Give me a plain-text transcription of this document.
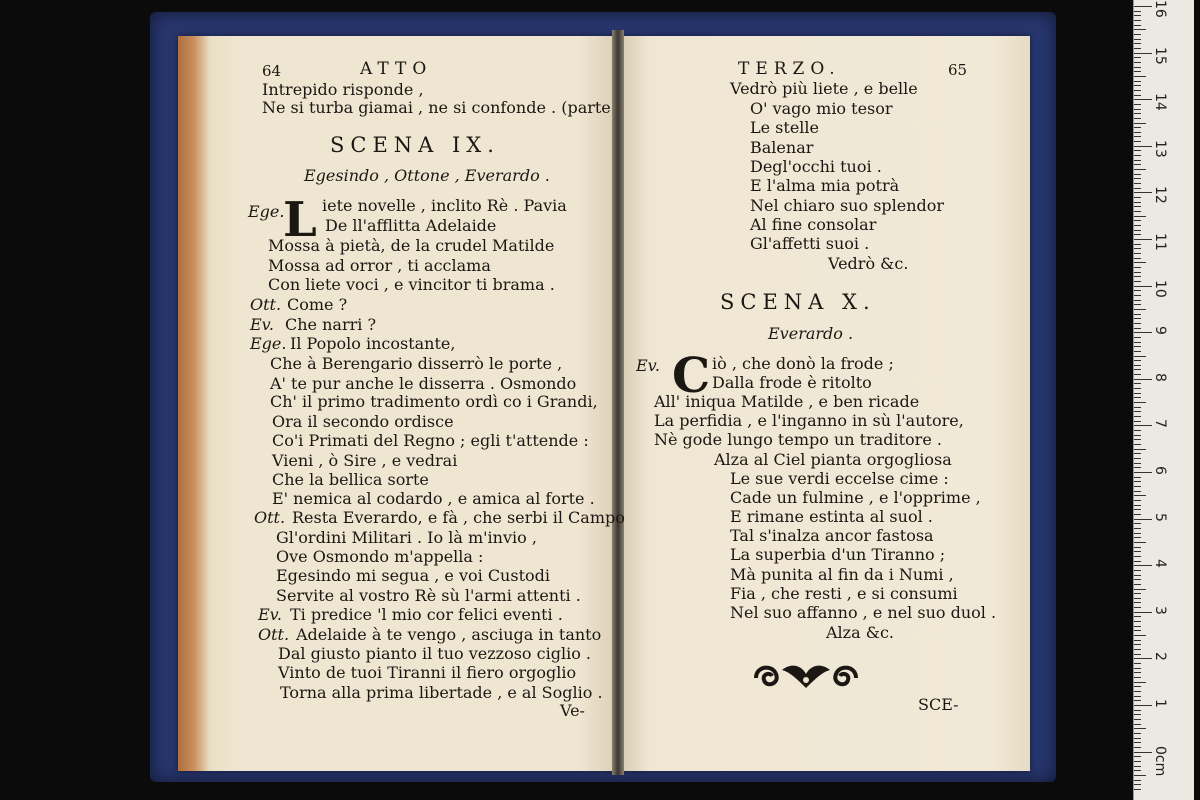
64	ATTO
Intrepido risponde ,
Ne si turba giamai , ne si confonde . (parte
SCENA IX.
Egesindo , Ottone , Everardo .
Ege.
L iete novelle , inclito Rè . Pavia
De ll'afflitta Adelaide
Mossa à pietà, de la crudel Matilde
Mossa ad orror , ti acclama
Con liete voci , e vincitor ti brama .
Ott. Come ?
Ev. Che narri ?
Ege. Il Popolo incostante,
Che à Berengario disserrò le porte ,
A' te pur anche le disserra . Osmondo
Ch' il primo tradimento ordì co i Grandi,
Ora il secondo ordisce
Co'i Primati del Regno ; egli t'attende :
Vieni , ò Sire , e vedrai
Che la bellica sorte
E' nemica al codardo , e amica al forte .
Ott. Resta Everardo, e fà , che serbi il Campo
Gl'ordini Militari . Io là m'invio ,
Ove Osmondo m'appella :
Egesindo mi segua , e voi Custodi
Servite al vostro Rè sù l'armi attenti .
Ev. Ti predice 'l mio cor felici eventi .
Ott. Adelaide à te vengo , asciuga in tanto
Dal giusto pianto il tuo vezzoso ciglio .
Vinto de tuoi Tiranni il fiero orgoglio
Torna alla prima libertade , e al Soglio .
Ve-
TERZO.	65
Vedrò più liete , e belle
O' vago mio tesor
Le stelle
Balenar
Degl'occhi tuoi .
E l'alma mia potrà
Nel chiaro suo splendor
Al fine consolar
Gl'affetti suoi .
Vedrò &c.
SCENA X.
Everardo .
Ev. C iò , che donò la frode ;
Dalla frode è ritolto
All' iniqua Matilde , e ben ricade
La perfidia , e l'inganno in sù l'autore,
Nè gode lungo tempo un traditore .
Alza al Ciel pianta orgogliosa
Le sue verdi eccelse cime :
Cade un fulmine , e l'opprime ,
E rimane estinta al suol .
Tal s'inalza ancor fastosa
La superbia d'un Tiranno ;
Mà punita al fin da i Numi ,
Fia , che resti , e si consumi
Nel suo affanno , e nel suo duol .
Alza &c.
SCE-
16
15
14
13
12
11
10
9
8
7
6
5
4
3
2
1
0cm
